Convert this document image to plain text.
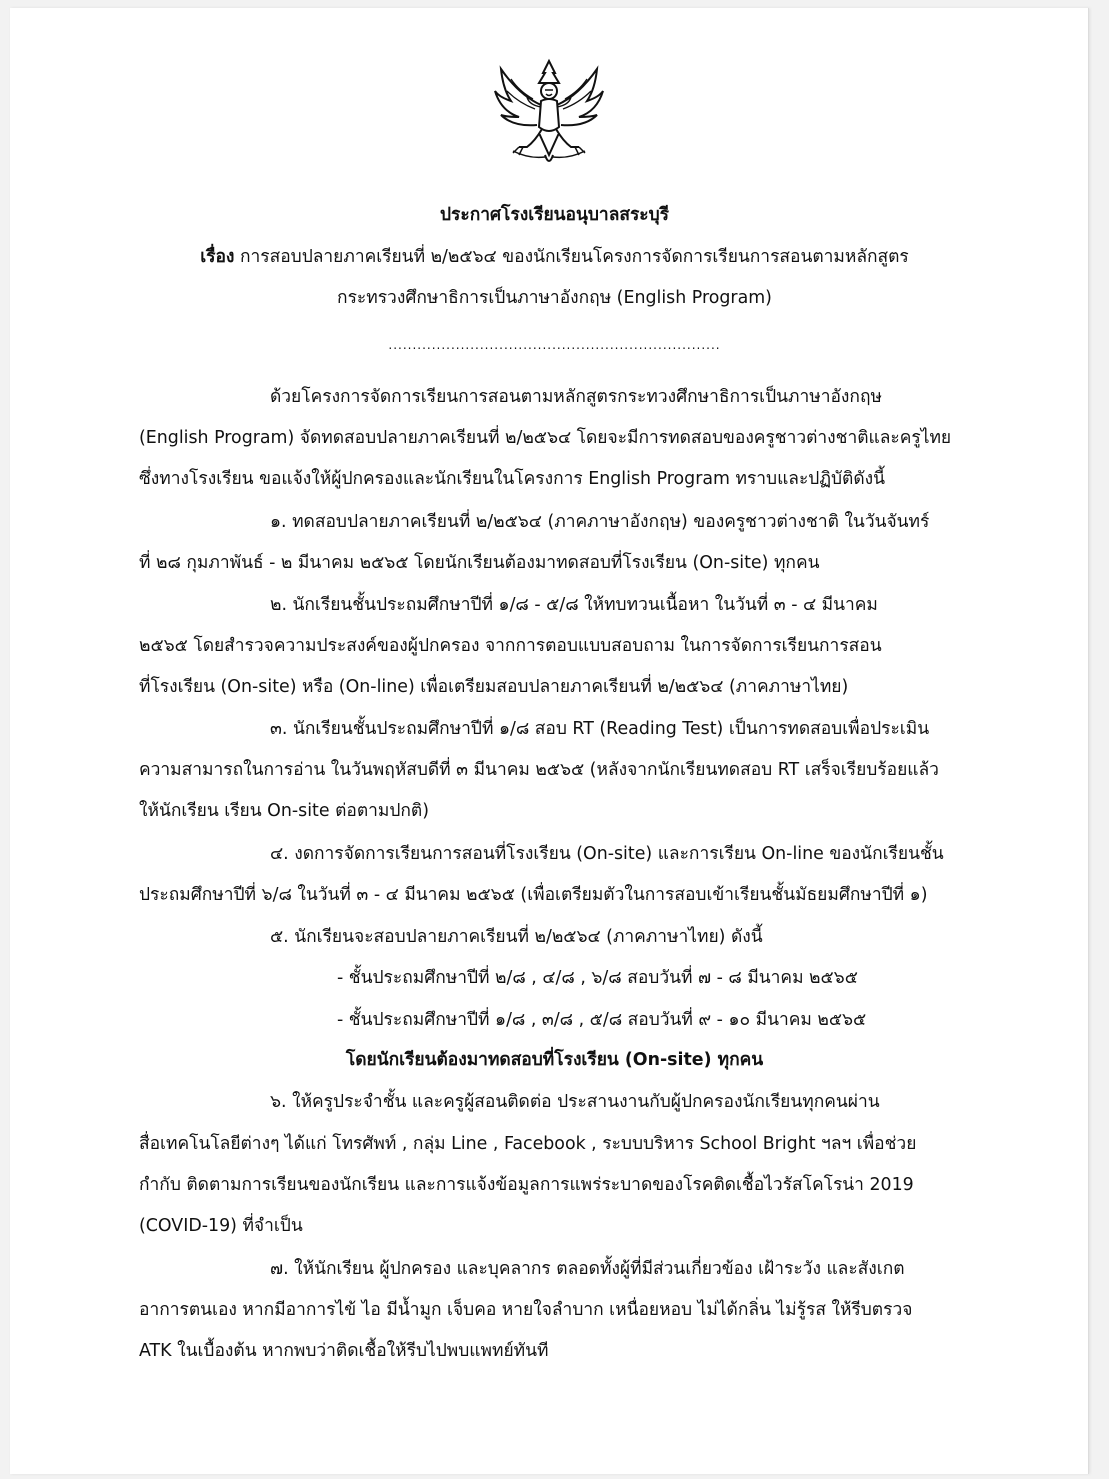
ประกาศโรงเรียนอนุบาลสระบุรี
เรื่อง การสอบปลายภาคเรียนที่ ๒/๒๕๖๔ ของนักเรียนโครงการจัดการเรียนการสอนตามหลักสูตร
กระทรวงศึกษาธิการเป็นภาษาอังกฤษ (English Program)
.....................................................................
ด้วยโครงการจัดการเรียนการสอนตามหลักสูตรกระทวงศึกษาธิการเป็นภาษาอังกฤษ
(English Program) จัดทดสอบปลายภาคเรียนที่ ๒/๒๕๖๔ โดยจะมีการทดสอบของครูชาวต่างชาติและครูไทย
ซึ่งทางโรงเรียน ขอแจ้งให้ผู้ปกครองและนักเรียนในโครงการ English Program ทราบและปฏิบัติดังนี้
๑. ทดสอบปลายภาคเรียนที่ ๒/๒๕๖๔ (ภาคภาษาอังกฤษ) ของครูชาวต่างชาติ ในวันจันทร์
ที่ ๒๘ กุมภาพันธ์ - ๒ มีนาคม ๒๕๖๕ โดยนักเรียนต้องมาทดสอบที่โรงเรียน (On-site) ทุกคน
๒. นักเรียนชั้นประถมศึกษาปีที่ ๑/๘ - ๕/๘ ให้ทบทวนเนื้อหา ในวันที่ ๓ - ๔ มีนาคม
๒๕๖๕ โดยสำรวจความประสงค์ของผู้ปกครอง จากการตอบแบบสอบถาม ในการจัดการเรียนการสอน
ที่โรงเรียน (On-site) หรือ (On-line) เพื่อเตรียมสอบปลายภาคเรียนที่ ๒/๒๕๖๔ (ภาคภาษาไทย)
๓. นักเรียนชั้นประถมศึกษาปีที่ ๑/๘ สอบ RT (Reading Test) เป็นการทดสอบเพื่อประเมิน
ความสามารถในการอ่าน ในวันพฤหัสบดีที่ ๓ มีนาคม ๒๕๖๕ (หลังจากนักเรียนทดสอบ RT เสร็จเรียบร้อยแล้ว
ให้นักเรียน เรียน On-site ต่อตามปกติ)
๔. งดการจัดการเรียนการสอนที่โรงเรียน (On-site) และการเรียน On-line ของนักเรียนชั้น
ประถมศึกษาปีที่ ๖/๘ ในวันที่ ๓ - ๔ มีนาคม ๒๕๖๕ (เพื่อเตรียมตัวในการสอบเข้าเรียนชั้นมัธยมศึกษาปีที่ ๑)
๕. นักเรียนจะสอบปลายภาคเรียนที่ ๒/๒๕๖๔ (ภาคภาษาไทย) ดังนี้
- ชั้นประถมศึกษาปีที่ ๒/๘ , ๔/๘ , ๖/๘ สอบวันที่ ๗ - ๘ มีนาคม ๒๕๖๕
- ชั้นประถมศึกษาปีที่ ๑/๘ , ๓/๘ , ๕/๘ สอบวันที่ ๙ - ๑๐ มีนาคม ๒๕๖๕
โดยนักเรียนต้องมาทดสอบที่โรงเรียน (On-site) ทุกคน
๖. ให้ครูประจำชั้น และครูผู้สอนติดต่อ ประสานงานกับผู้ปกครองนักเรียนทุกคนผ่าน
สื่อเทคโนโลยีต่างๆ ได้แก่ โทรศัพท์ , กลุ่ม Line , Facebook , ระบบบริหาร School Bright ฯลฯ เพื่อช่วย
กำกับ ติดตามการเรียนของนักเรียน และการแจ้งข้อมูลการแพร่ระบาดของโรคติดเชื้อไวรัสโคโรน่า 2019
(COVID-19) ที่จำเป็น
๗. ให้นักเรียน ผู้ปกครอง และบุคลากร ตลอดทั้งผู้ที่มีส่วนเกี่ยวข้อง เฝ้าระวัง และสังเกต
อาการตนเอง หากมีอาการไข้ ไอ มีน้ำมูก เจ็บคอ หายใจลำบาก เหนื่อยหอบ ไม่ได้กลิ่น ไม่รู้รส ให้รีบตรวจ
ATK ในเบื้องต้น หากพบว่าติดเชื้อให้รีบไปพบแพทย์ทันที
